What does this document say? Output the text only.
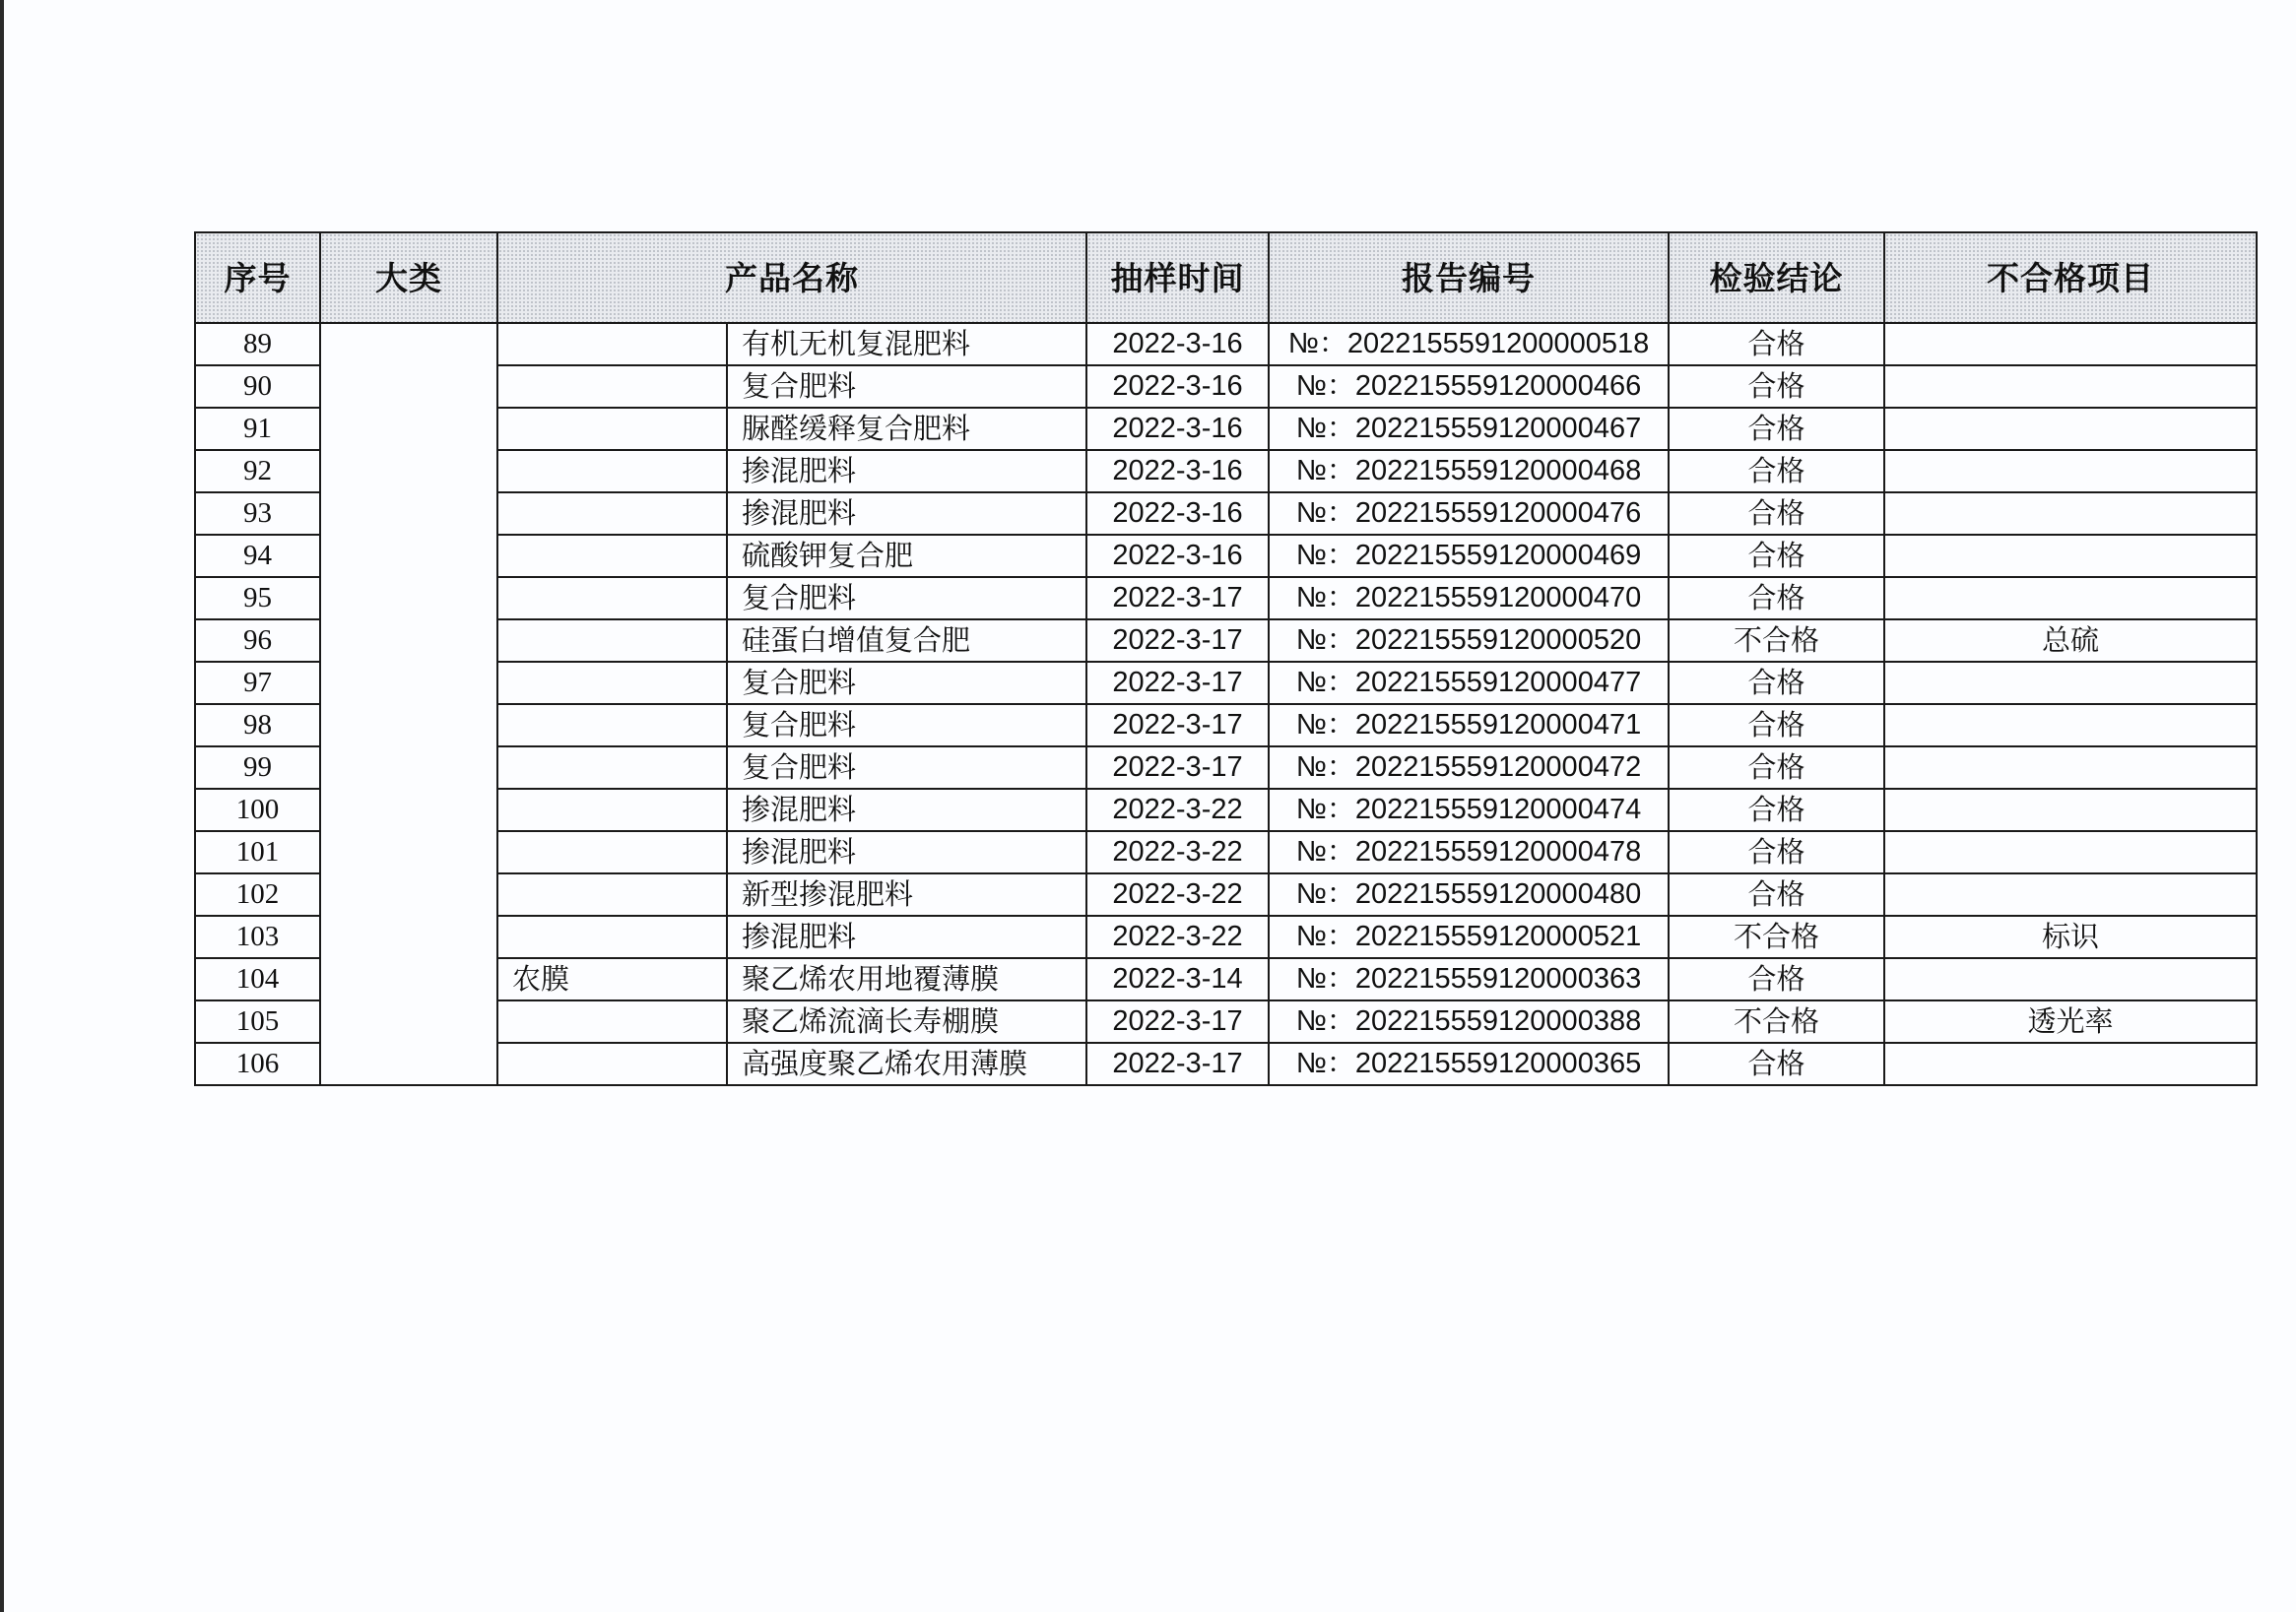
序号	大类	产品名称		抽样时间	报告编号	检验结论	不合格项目
89			有机无机复混肥料	2022-3-16	№：2022155591200000518	合格	
90			复合肥料	2022-3-16	№：202215559120000466	合格	
91			脲醛缓释复合肥料	2022-3-16	№：202215559120000467	合格	
92			掺混肥料	2022-3-16	№：202215559120000468	合格	
93			掺混肥料	2022-3-16	№：202215559120000476	合格	
94			硫酸钾复合肥	2022-3-16	№：202215559120000469	合格	
95			复合肥料	2022-3-17	№：202215559120000470	合格	
96			硅蛋白增值复合肥	2022-3-17	№：202215559120000520	不合格	总硫
97			复合肥料	2022-3-17	№：202215559120000477	合格	
98			复合肥料	2022-3-17	№：202215559120000471	合格	
99			复合肥料	2022-3-17	№：202215559120000472	合格	
100			掺混肥料	2022-3-22	№：202215559120000474	合格	
101			掺混肥料	2022-3-22	№：202215559120000478	合格	
102			新型掺混肥料	2022-3-22	№：202215559120000480	合格	
103			掺混肥料	2022-3-22	№：202215559120000521	不合格	标识
104		农膜	聚乙烯农用地覆薄膜	2022-3-14	№：202215559120000363	合格	
105			聚乙烯流滴长寿棚膜	2022-3-17	№：202215559120000388	不合格	透光率
106			高强度聚乙烯农用薄膜	2022-3-17	№：202215559120000365	合格	
